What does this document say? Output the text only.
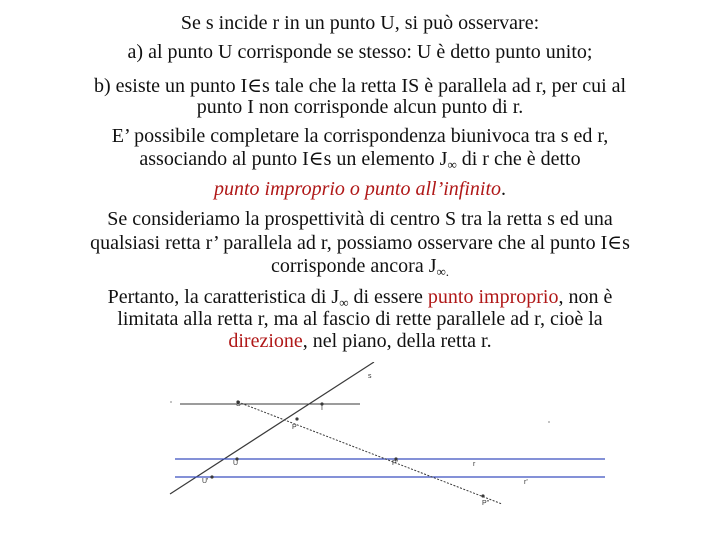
Se s incide r in un punto U, si può osservare:
a) al punto U corrisponde se stesso: U è detto punto unito;
b) esiste un punto I∈s tale che la retta IS è parallela ad r, per cui al
punto I non corrisponde alcun punto di r.
E’ possibile completare la corrispondenza biunivoca tra s ed r,
associando al punto I∈s un elemento $J_\infty$ di r che è detto
punto improprio o punto all’infinito.
Se consideriamo la prospettività di centro S tra la retta s ed una
qualsiasi retta r’ parallela ad r, possiamo osservare che al punto I∈s
corrisponde ancora $J_{\infty.}$
Pertanto, la caratteristica di $J_\infty$ di essere punto improprio, non è
limitata alla retta r, ma al fascio di rette parallele ad r, cioè la
direzione, nel piano, della retta r.
s
S
I
P
U	P'	r
U'	r'
P''
